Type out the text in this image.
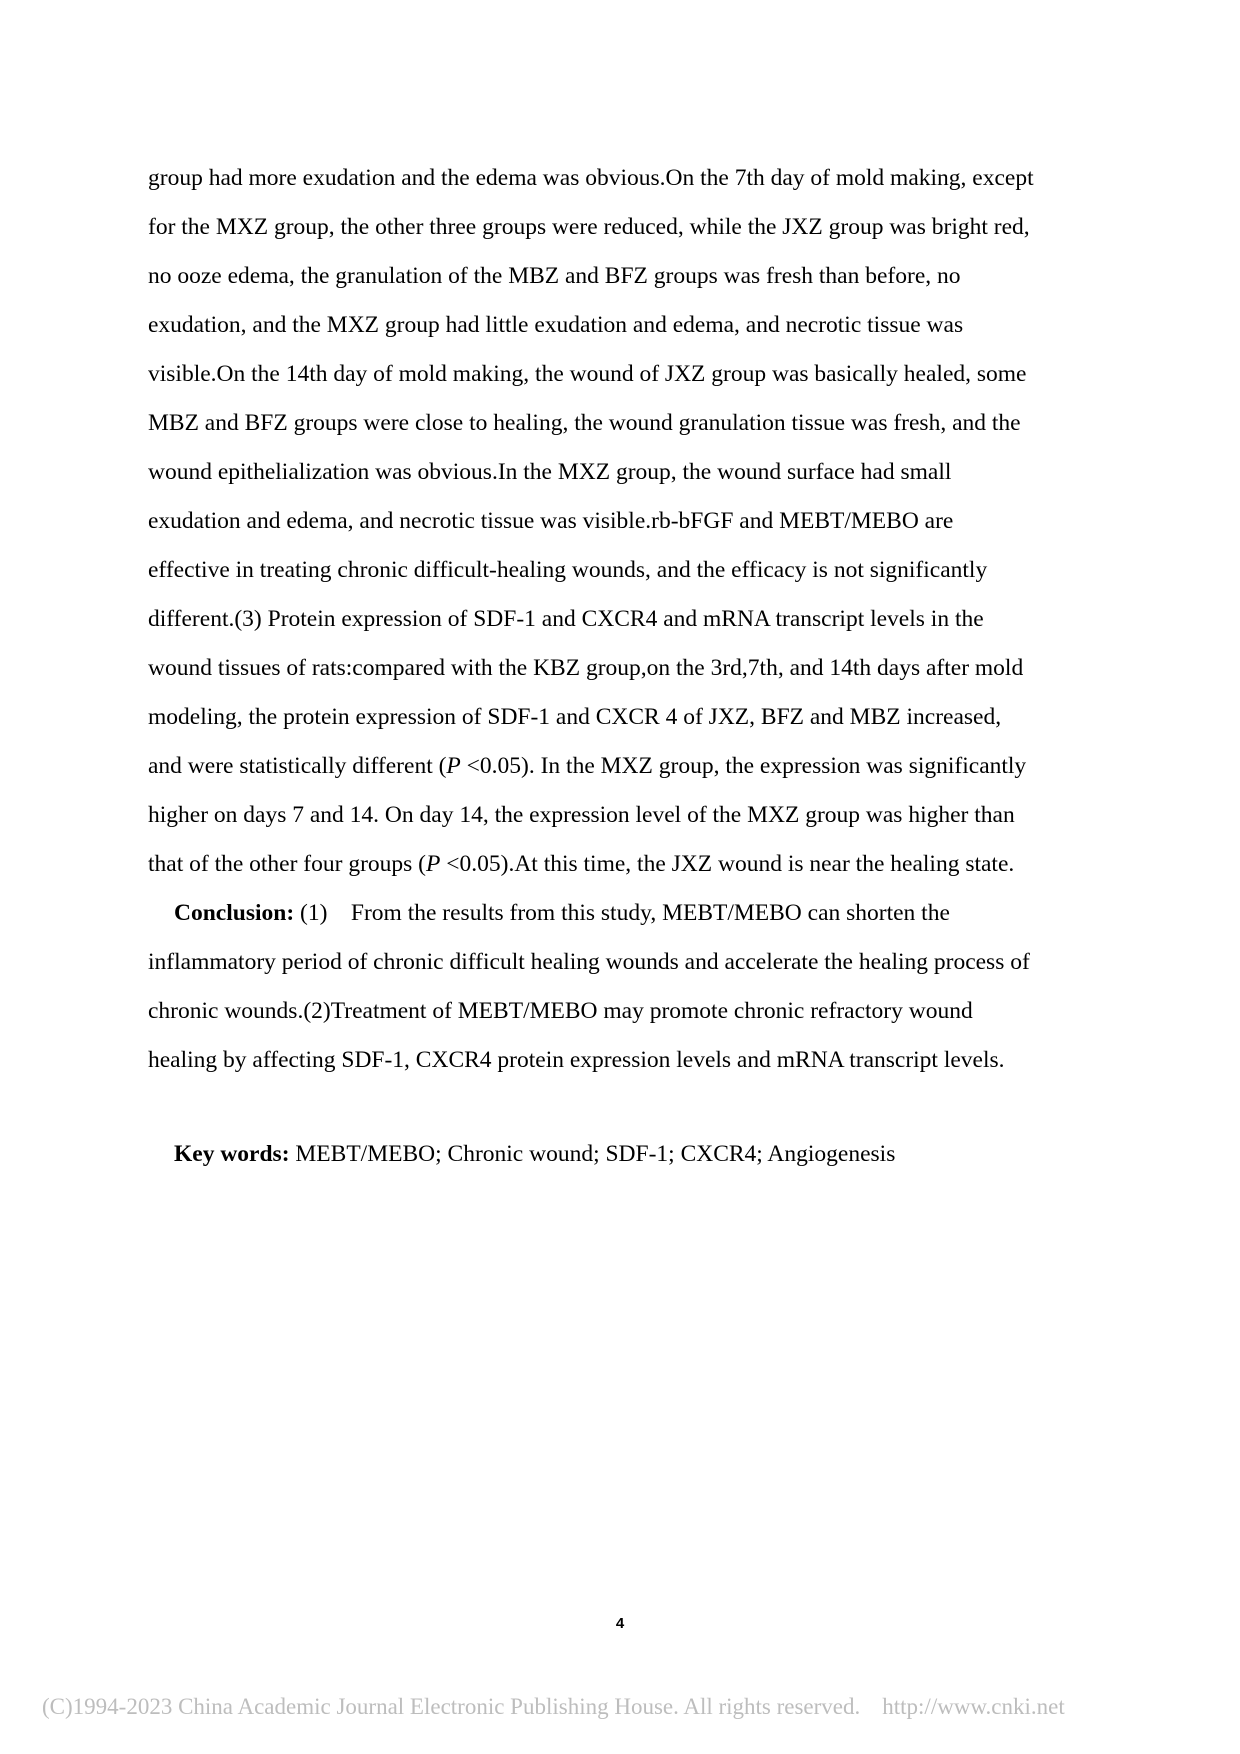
group had more exudation and the edema was obvious.On the 7th day of mold making, except
for the MXZ group, the other three groups were reduced, while the JXZ group was bright red,
no ooze edema, the granulation of the MBZ and BFZ groups was fresh than before, no
exudation, and the MXZ group had little exudation and edema, and necrotic tissue was
visible.On the 14th day of mold making, the wound of JXZ group was basically healed, some
MBZ and BFZ groups were close to healing, the wound granulation tissue was fresh, and the
wound epithelialization was obvious.In the MXZ group, the wound surface had small
exudation and edema, and necrotic tissue was visible.rb-bFGF and MEBT/MEBO are
effective in treating chronic difficult-healing wounds, and the efficacy is not significantly
different.(3) Protein expression of SDF-1 and CXCR4 and mRNA transcript levels in the
wound tissues of rats:compared with the KBZ group,on the 3rd,7th, and 14th days after mold
modeling, the protein expression of SDF-1 and CXCR 4 of JXZ, BFZ and MBZ increased,
and were statistically different (P <0.05). In the MXZ group, the expression was significantly
higher on days 7 and 14. On day 14, the expression level of the MXZ group was higher than
that of the other four groups (P <0.05).At this time, the JXZ wound is near the healing state.
Conclusion: (1)    From the results from this study, MEBT/MEBO can shorten the
inflammatory period of chronic difficult healing wounds and accelerate the healing process of
chronic wounds.(2)Treatment of MEBT/MEBO may promote chronic refractory wound
healing by affecting SDF-1, CXCR4 protein expression levels and mRNA transcript levels.
Key words: MEBT/MEBO; Chronic wound; SDF-1; CXCR4; Angiogenesis
4
(C)1994-2023 China Academic Journal Electronic Publishing House. All rights reserved. http://www.cnki.net
